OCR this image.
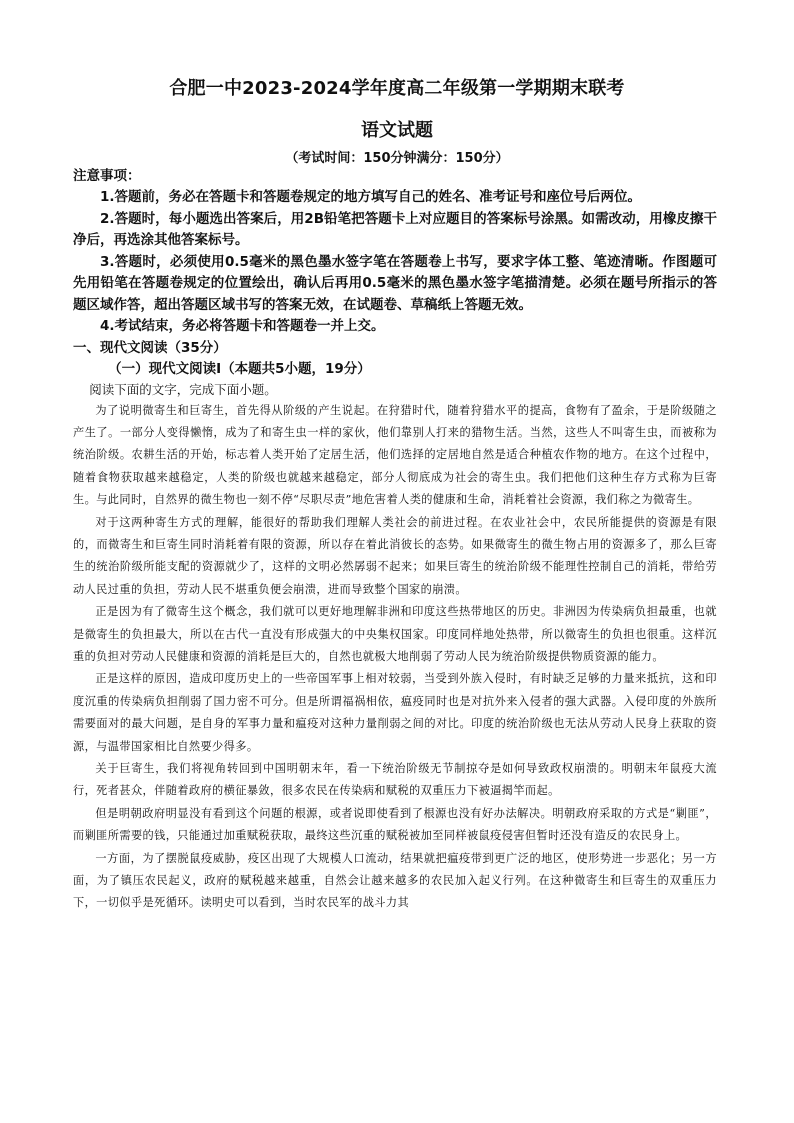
合肥一中2023-2024学年度高二年级第一学期期末联考
语文试题
（考试时间：150分钟满分：150分）
注意事项：

1.答题前，务必在答题卡和答题卷规定的地方填写自己的姓名、准考证号和座位号后两位。

2.答题时，每小题选出答案后，用2B铅笔把答题卡上对应题目的答案标号涂黑。如需改动，用橡皮擦干净后，再选涂其他答案标号。

3.答题时，必须使用0.5毫米的黑色墨水签字笔在答题卷上书写，要求字体工整、笔迹清晰。作图题可先用铅笔在答题卷规定的位置绘出，确认后再用0.5毫米的黑色墨水签字笔描清楚。必须在题号所指示的答题区域作答，超出答题区域书写的答案无效，在试题卷、草稿纸上答题无效。

4.考试结束，务必将答题卡和答题卷一并上交。

一、现代文阅读（35分）
（一）现代文阅读Ⅰ（本题共5小题，19分）

阅读下面的文字，完成下面小题。

为了说明微寄生和巨寄生，首先得从阶级的产生说起。在狩猎时代，随着狩猎水平的提高，食物有了盈余，于是阶级随之产生了。一部分人变得懒惰，成为了和寄生虫一样的家伙，他们靠别人打来的猎物生活。当然，这些人不叫寄生虫，而被称为统治阶级。农耕生活的开始，标志着人类开始了定居生活，他们选择的定居地自然是适合种植农作物的地方。在这个过程中，随着食物获取越来越稳定，人类的阶级也就越来越稳定，部分人彻底成为社会的寄生虫。我们把他们这种生存方式称为巨寄生。与此同时，自然界的微生物也一刻不停“尽职尽责”地危害着人类的健康和生命，消耗着社会资源，我们称之为微寄生。

对于这两种寄生方式的理解，能很好的帮助我们理解人类社会的前进过程。在农业社会中，农民所能提供的资源是有限的，而微寄生和巨寄生同时消耗着有限的资源，所以存在着此消彼长的态势。如果微寄生的微生物占用的资源多了，那么巨寄生的统治阶级所能支配的资源就少了，这样的文明必然孱弱不起来；如果巨寄生的统治阶级不能理性控制自己的消耗，带给劳动人民过重的负担，劳动人民不堪重负便会崩溃，进而导致整个国家的崩溃。

正是因为有了微寄生这个概念，我们就可以更好地理解非洲和印度这些热带地区的历史。非洲因为传染病负担最重，也就是微寄生的负担最大，所以在古代一直没有形成强大的中央集权国家。印度同样地处热带，所以微寄生的负担也很重。这样沉重的负担对劳动人民健康和资源的消耗是巨大的，自然也就极大地削弱了劳动人民为统治阶级提供物质资源的能力。

正是这样的原因，造成印度历史上的一些帝国军事上相对较弱，当受到外族入侵时，有时缺乏足够的力量来抵抗，这和印度沉重的传染病负担削弱了国力密不可分。但是所谓福祸相依，瘟疫同时也是对抗外来入侵者的强大武器。入侵印度的外族所需要面对的最大问题，是自身的军事力量和瘟疫对这种力量削弱之间的对比。印度的统治阶级也无法从劳动人民身上获取的资源，与温带国家相比自然要少得多。

关于巨寄生，我们将视角转回到中国明朝末年，看一下统治阶级无节制掠夺是如何导致政权崩溃的。明朝末年鼠疫大流行，死者甚众，伴随着政府的横征暴敛，很多农民在传染病和赋税的双重压力下被逼揭竿而起。

但是明朝政府明显没有看到这个问题的根源，或者说即使看到了根源也没有好办法解决。明朝政府采取的方式是“剿匪”，而剿匪所需要的钱，只能通过加重赋税获取，最终这些沉重的赋税被加至同样被鼠疫侵害但暂时还没有造反的农民身上。

一方面，为了摆脱鼠疫威胁，疫区出现了大规模人口流动，结果就把瘟疫带到更广泛的地区，使形势进一步恶化；另一方面，为了镇压农民起义，政府的赋税越来越重，自然会让越来越多的农民加入起义行列。在这种微寄生和巨寄生的双重压力下，一切似乎是死循环。读明史可以看到，当时农民军的战斗力其
